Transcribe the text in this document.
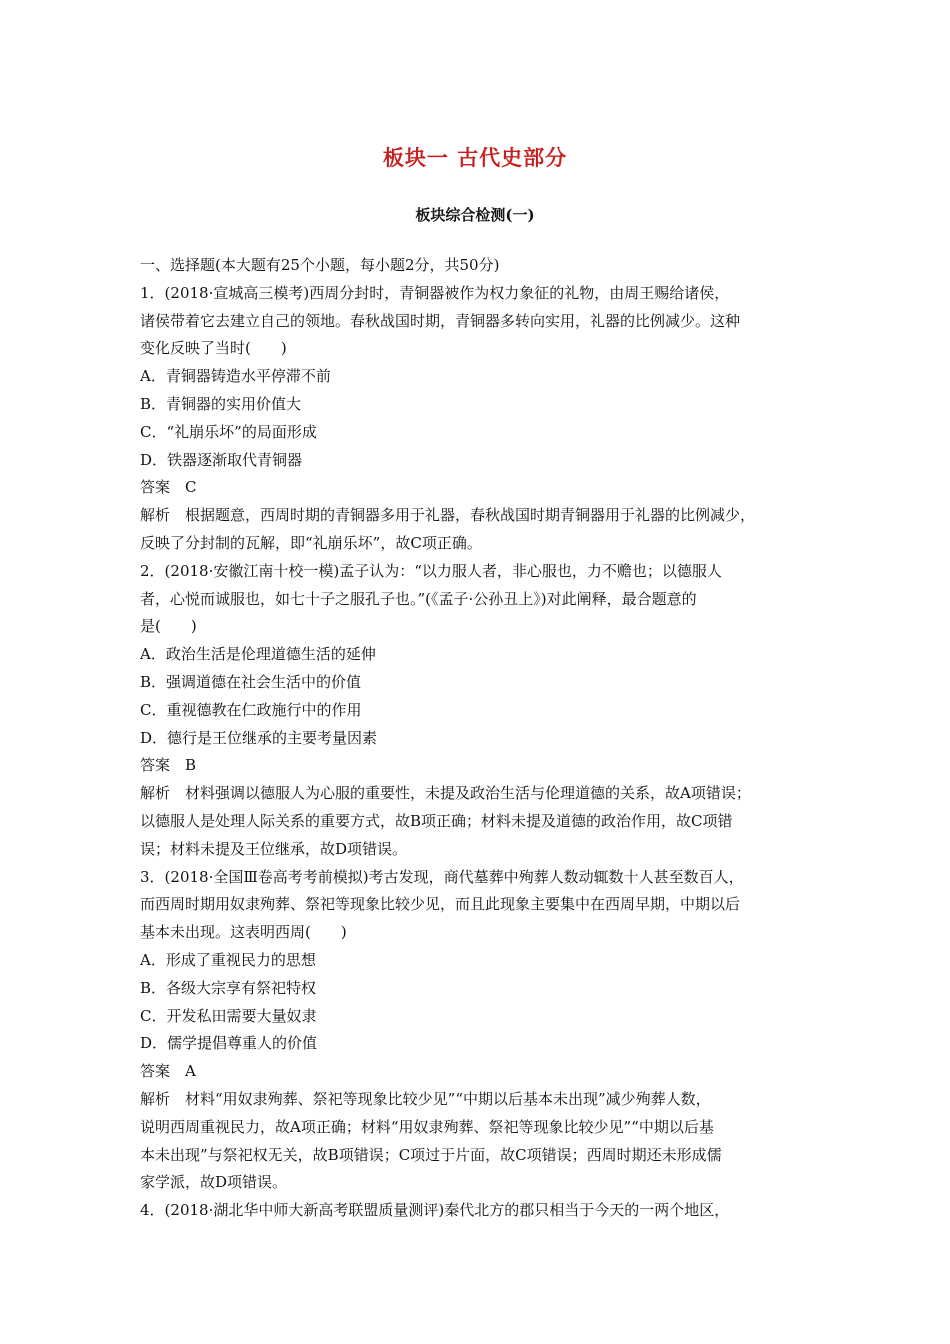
板块一 古代史部分
板块综合检测(一)
一、选择题(本大题有25个小题，每小题2分，共50分)
1．(2018·宣城高三模考)西周分封时，青铜器被作为权力象征的礼物，由周王赐给诸侯，
诸侯带着它去建立自己的领地。春秋战国时期，青铜器多转向实用，礼器的比例减少。这种
变化反映了当时(　　)
A．青铜器铸造水平停滞不前
B．青铜器的实用价值大
C．“礼崩乐坏”的局面形成
D．铁器逐渐取代青铜器
答案　C
解析　根据题意，西周时期的青铜器多用于礼器，春秋战国时期青铜器用于礼器的比例减少，
反映了分封制的瓦解，即“礼崩乐坏”，故C项正确。
2．(2018·安徽江南十校一模)孟子认为：“以力服人者，非心服也，力不赡也；以德服人
者，心悦而诚服也，如七十子之服孔子也。”(《孟子·公孙丑上》)对此阐释，最合题意的
是(　　)
A．政治生活是伦理道德生活的延伸
B．强调道德在社会生活中的价值
C．重视德教在仁政施行中的作用
D．德行是王位继承的主要考量因素
答案　B
解析　材料强调以德服人为心服的重要性，未提及政治生活与伦理道德的关系，故A项错误；
以德服人是处理人际关系的重要方式，故B项正确；材料未提及道德的政治作用，故C项错
误；材料未提及王位继承，故D项错误。
3．(2018·全国Ⅲ卷高考考前模拟)考古发现，商代墓葬中殉葬人数动辄数十人甚至数百人，
而西周时期用奴隶殉葬、祭祀等现象比较少见，而且此现象主要集中在西周早期，中期以后
基本未出现。这表明西周(　　)
A．形成了重视民力的思想
B．各级大宗享有祭祀特权
C．开发私田需要大量奴隶
D．儒学提倡尊重人的价值
答案　A
解析　材料“用奴隶殉葬、祭祀等现象比较少见”“中期以后基本未出现”减少殉葬人数，
说明西周重视民力，故A项正确；材料“用奴隶殉葬、祭祀等现象比较少见”“中期以后基
本未出现”与祭祀权无关，故B项错误；C项过于片面，故C项错误；西周时期还未形成儒
家学派，故D项错误。
4．(2018·湖北华中师大新高考联盟质量测评)秦代北方的郡只相当于今天的一两个地区，
